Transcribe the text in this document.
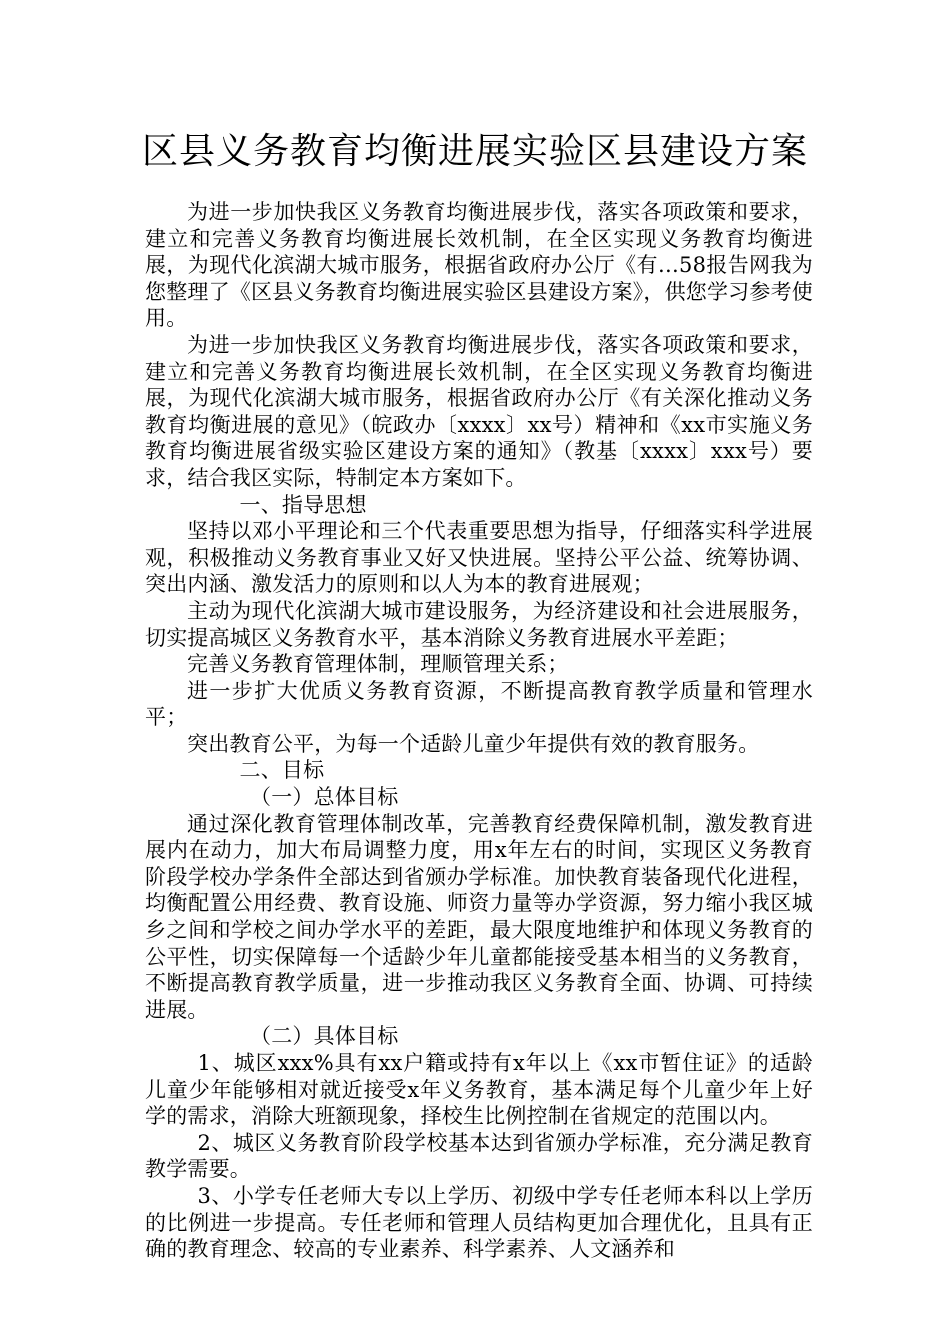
区县义务教育均衡进展实验区县建设方案

为进一步加快我区义务教育均衡进展步伐，落实各项政策和要求，建立和完善义务教育均衡进展长效机制，在全区实现义务教育均衡进展，为现代化滨湖大城市服务，根据省政府办公厅《有…58报告网我为您整理了《区县义务教育均衡进展实验区县建设方案》，供您学习参考使用。

为进一步加快我区义务教育均衡进展步伐，落实各项政策和要求，建立和完善义务教育均衡进展长效机制，在全区实现义务教育均衡进展，为现代化滨湖大城市服务，根据省政府办公厅《有关深化推动义务教育均衡进展的意见》（皖政办〔xxxx〕xx号）精神和《xx市实施义务教育均衡进展省级实验区建设方案的通知》（教基〔xxxx〕xxx号）要求，结合我区实际，特制定本方案如下。

一、指导思想

坚持以邓小平理论和三个代表重要思想为指导，仔细落实科学进展观，积极推动义务教育事业又好又快进展。坚持公平公益、统筹协调、突出内涵、激发活力的原则和以人为本的教育进展观；

主动为现代化滨湖大城市建设服务，为经济建设和社会进展服务，切实提高城区义务教育水平，基本消除义务教育进展水平差距；

完善义务教育管理体制，理顺管理关系；

进一步扩大优质义务教育资源，不断提高教育教学质量和管理水平；

突出教育公平，为每一个适龄儿童少年提供有效的教育服务。

二、目标

（一）总体目标

通过深化教育管理体制改革，完善教育经费保障机制，激发教育进展内在动力，加大布局调整力度，用x年左右的时间，实现区义务教育阶段学校办学条件全部达到省颁办学标准。加快教育装备现代化进程，均衡配置公用经费、教育设施、师资力量等办学资源，努力缩小我区城乡之间和学校之间办学水平的差距，最大限度地维护和体现义务教育的公平性，切实保障每一个适龄少年儿童都能接受基本相当的义务教育，不断提高教育教学质量，进一步推动我区义务教育全面、协调、可持续进展。

（二）具体目标

1、城区xxx%具有xx户籍或持有x年以上《xx市暂住证》的适龄儿童少年能够相对就近接受x年义务教育，基本满足每个儿童少年上好学的需求，消除大班额现象，择校生比例控制在省规定的范围以内。

2、城区义务教育阶段学校基本达到省颁办学标准，充分满足教育教学需要。

3、小学专任老师大专以上学历、初级中学专任老师本科以上学历的比例进一步提高。专任老师和管理人员结构更加合理优化，且具有正确的教育理念、较高的专业素养、科学素养、人文涵养和
